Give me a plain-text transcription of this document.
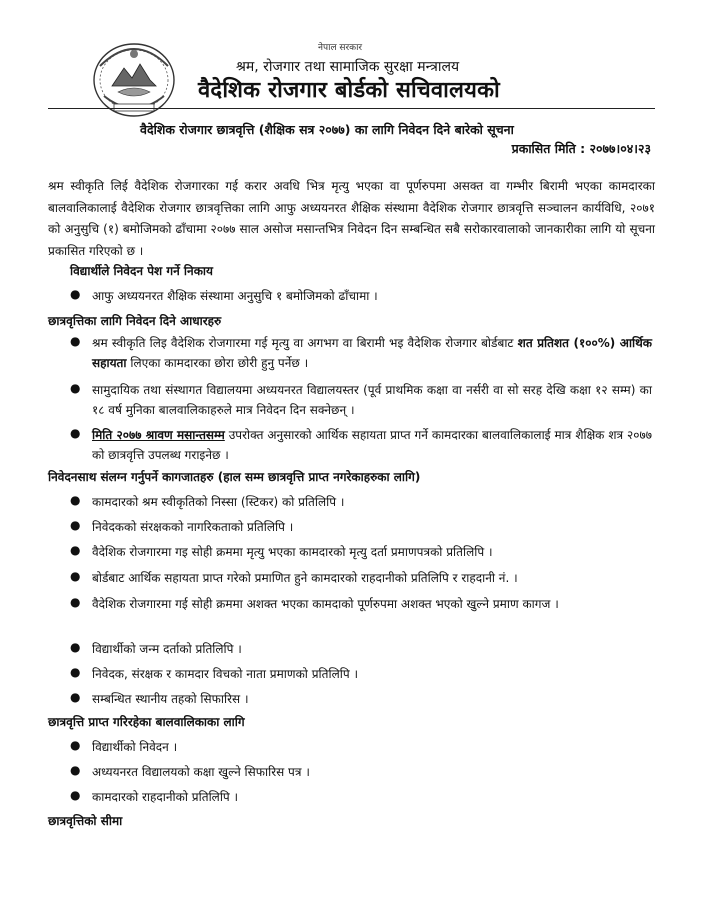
नेपाल सरकार
श्रम, रोजगार तथा सामाजिक सुरक्षा मन्त्रालय
वैदेशिक रोजगार बोर्डको सचिवालयको
वैदेशिक रोजगार छात्रवृत्ति (शैक्षिक सत्र २०७७) का लागि निवेदन दिने बारेको सूचना
प्रकासित मिति : २०७७।०४।२३
श्रम स्वीकृति लिई वैदेशिक रोजगारका गई करार अवधि भित्र मृत्यु भएका वा पूर्णरुपमा असक्त वा गम्भीर बिरामी भएका कामदारका बालवालिकालाई वैदेशिक रोजगार छात्रवृत्तिका लागि आफु अध्ययनरत शैक्षिक संस्थामा वैदेशिक रोजगार छात्रवृत्ति सञ्चालन कार्यविधि, २०७१ को अनुसुचि (१) बमोजिमको ढाँचामा २०७७ साल असोज मसान्तभित्र निवेदन दिन सम्बन्धित सबै सरोकारवालाको जानकारीका लागि यो सूचना प्रकासित गरिएको छ ।
विद्यार्थीले निवेदन पेश गर्ने निकाय
● आफु अध्ययनरत शैक्षिक संस्थामा अनुसुचि १ बमोजिमको ढाँचामा ।
छात्रवृत्तिका लागि निवेदन दिने आधारहरु
● श्रम स्वीकृति लिइ वैदेशिक रोजगारमा गई मृत्यु वा अगभग वा बिरामी भइ वैदेशिक रोजगार बोर्डबाट शत प्रतिशत (१००%) आर्थिक सहायता लिएका कामदारका छोरा छोरी हुनु पर्नेछ ।
● सामुदायिक तथा संस्थागत विद्यालयमा अध्ययनरत विद्यालयस्तर (पूर्व प्राथमिक कक्षा वा नर्सरी वा सो सरह देखि कक्षा १२ सम्म) का १८ वर्ष मुनिका बालवालिकाहरुले मात्र निवेदन दिन सक्नेछन् ।
● मिति २०७७ श्रावण मसान्तसम्म उपरोक्त अनुसारको आर्थिक सहायता प्राप्त गर्ने कामदारका बालवालिकालाई मात्र शैक्षिक शत्र २०७७ को छात्रवृत्ति उपलब्ध गराइनेछ ।
निवेदनसाथ संलग्न गर्नुपर्ने कागजातहरु (हाल सम्म छात्रवृत्ति प्राप्त नगरेकाहरुका लागि)
● कामदारको श्रम स्वीकृतिको निस्सा (स्टिकर) को प्रतिलिपि ।
● निवेदकको संरक्षकको नागरिकताको प्रतिलिपि ।
● वैदेशिक रोजगारमा गइ सोही क्रममा मृत्यु भएका कामदारको मृत्यु दर्ता प्रमाणपत्रको प्रतिलिपि ।
● बोर्डबाट आर्थिक सहायता प्राप्त गरेको प्रमाणित हुने कामदारको राहदानीको प्रतिलिपि र राहदानी नं. ।
● वैदेशिक रोजगारमा गई सोही क्रममा अशक्त भएका कामदाको पूर्णरुपमा अशक्त भएको खुल्ने प्रमाण कागज ।
● विद्यार्थीको जन्म दर्ताको प्रतिलिपि ।
● निवेदक, संरक्षक र कामदार विचको नाता प्रमाणको प्रतिलिपि ।
● सम्बन्धित स्थानीय तहको सिफारिस ।
छात्रवृत्ति प्राप्त गरिरहेका बालवालिकाका लागि
● विद्यार्थीको निवेदन ।
● अध्ययनरत विद्यालयको कक्षा खुल्ने सिफारिस पत्र ।
● कामदारको राहदानीको प्रतिलिपि ।
छात्रवृत्तिको सीमा
